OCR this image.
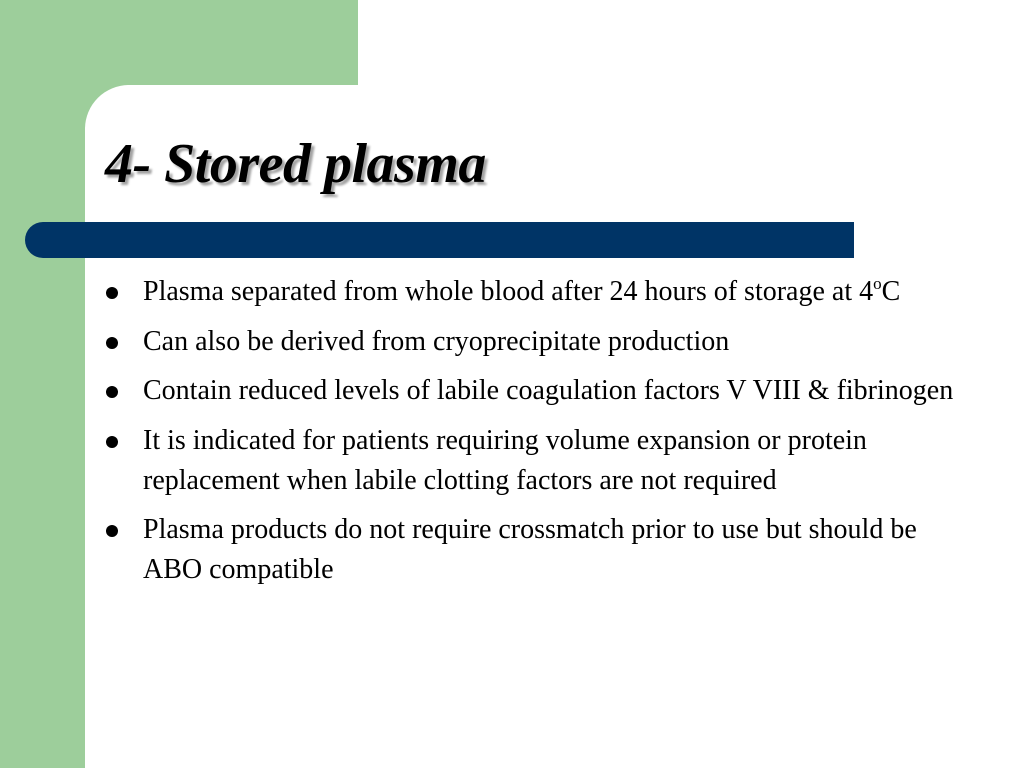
4- Stored plasma
Plasma separated from whole blood after 24 hours of storage at 4$^o$C
Can also be derived from cryoprecipitate production
Contain reduced levels of labile coagulation factors V VIII & fibrinogen
It is indicated for patients requiring volume expansion or protein replacement when labile clotting factors are not required
Plasma products do not require crossmatch prior to use but should be ABO compatible
